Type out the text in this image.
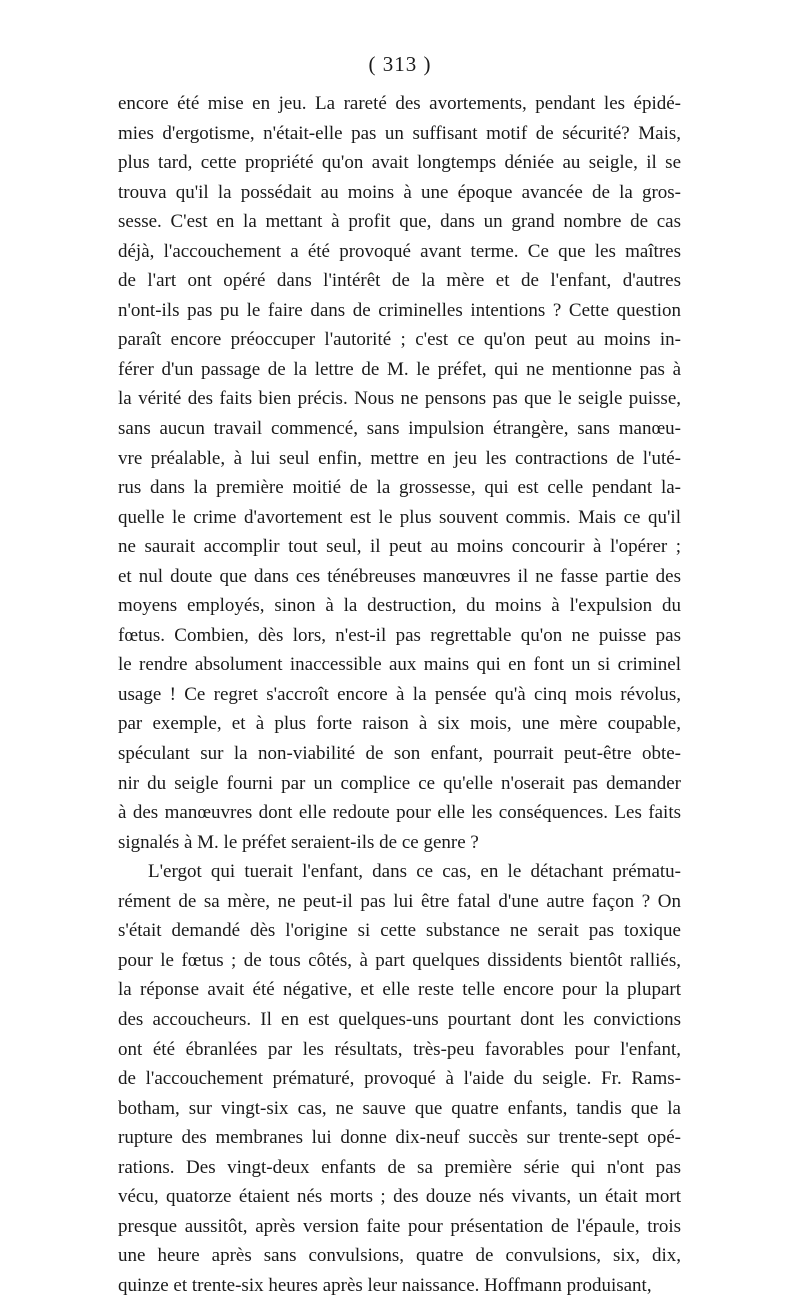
( 313 )
encore été mise en jeu. La rareté des avortements, pendant les épidé-
mies d'ergotisme, n'était-elle pas un suffisant motif de sécurité? Mais,
plus tard, cette propriété qu'on avait longtemps déniée au seigle, il se
trouva qu'il la possédait au moins à une époque avancée de la gros-
sesse. C'est en la mettant à profit que, dans un grand nombre de cas
déjà, l'accouchement a été provoqué avant terme. Ce que les maîtres
de l'art ont opéré dans l'intérêt de la mère et de l'enfant, d'autres
n'ont-ils pas pu le faire dans de criminelles intentions ? Cette question
paraît encore préoccuper l'autorité ; c'est ce qu'on peut au moins in-
férer d'un passage de la lettre de M. le préfet, qui ne mentionne pas à
la vérité des faits bien précis. Nous ne pensons pas que le seigle puisse,
sans aucun travail commencé, sans impulsion étrangère, sans manœu-
vre préalable, à lui seul enfin, mettre en jeu les contractions de l'uté-
rus dans la première moitié de la grossesse, qui est celle pendant la-
quelle le crime d'avortement est le plus souvent commis. Mais ce qu'il
ne saurait accomplir tout seul, il peut au moins concourir à l'opérer ;
et nul doute que dans ces ténébreuses manœuvres il ne fasse partie des
moyens employés, sinon à la destruction, du moins à l'expulsion du
fœtus. Combien, dès lors, n'est-il pas regrettable qu'on ne puisse pas
le rendre absolument inaccessible aux mains qui en font un si criminel
usage ! Ce regret s'accroît encore à la pensée qu'à cinq mois révolus,
par exemple, et à plus forte raison à six mois, une mère coupable,
spéculant sur la non-viabilité de son enfant, pourrait peut-être obte-
nir du seigle fourni par un complice ce qu'elle n'oserait pas demander
à des manœuvres dont elle redoute pour elle les conséquences. Les faits
signalés à M. le préfet seraient-ils de ce genre ?
L'ergot qui tuerait l'enfant, dans ce cas, en le détachant prématu-
rément de sa mère, ne peut-il pas lui être fatal d'une autre façon ? On
s'était demandé dès l'origine si cette substance ne serait pas toxique
pour le fœtus ; de tous côtés, à part quelques dissidents bientôt ralliés,
la réponse avait été négative, et elle reste telle encore pour la plupart
des accoucheurs. Il en est quelques-uns pourtant dont les convictions
ont été ébranlées par les résultats, très-peu favorables pour l'enfant,
de l'accouchement prématuré, provoqué à l'aide du seigle. Fr. Rams-
botham, sur vingt-six cas, ne sauve que quatre enfants, tandis que la
rupture des membranes lui donne dix-neuf succès sur trente-sept opé-
rations. Des vingt-deux enfants de sa première série qui n'ont pas
vécu, quatorze étaient nés morts ; des douze nés vivants, un était mort
presque aussitôt, après version faite pour présentation de l'épaule, trois
une heure après sans convulsions, quatre de convulsions, six, dix,
quinze et trente-six heures après leur naissance. Hoffmann produisant,
